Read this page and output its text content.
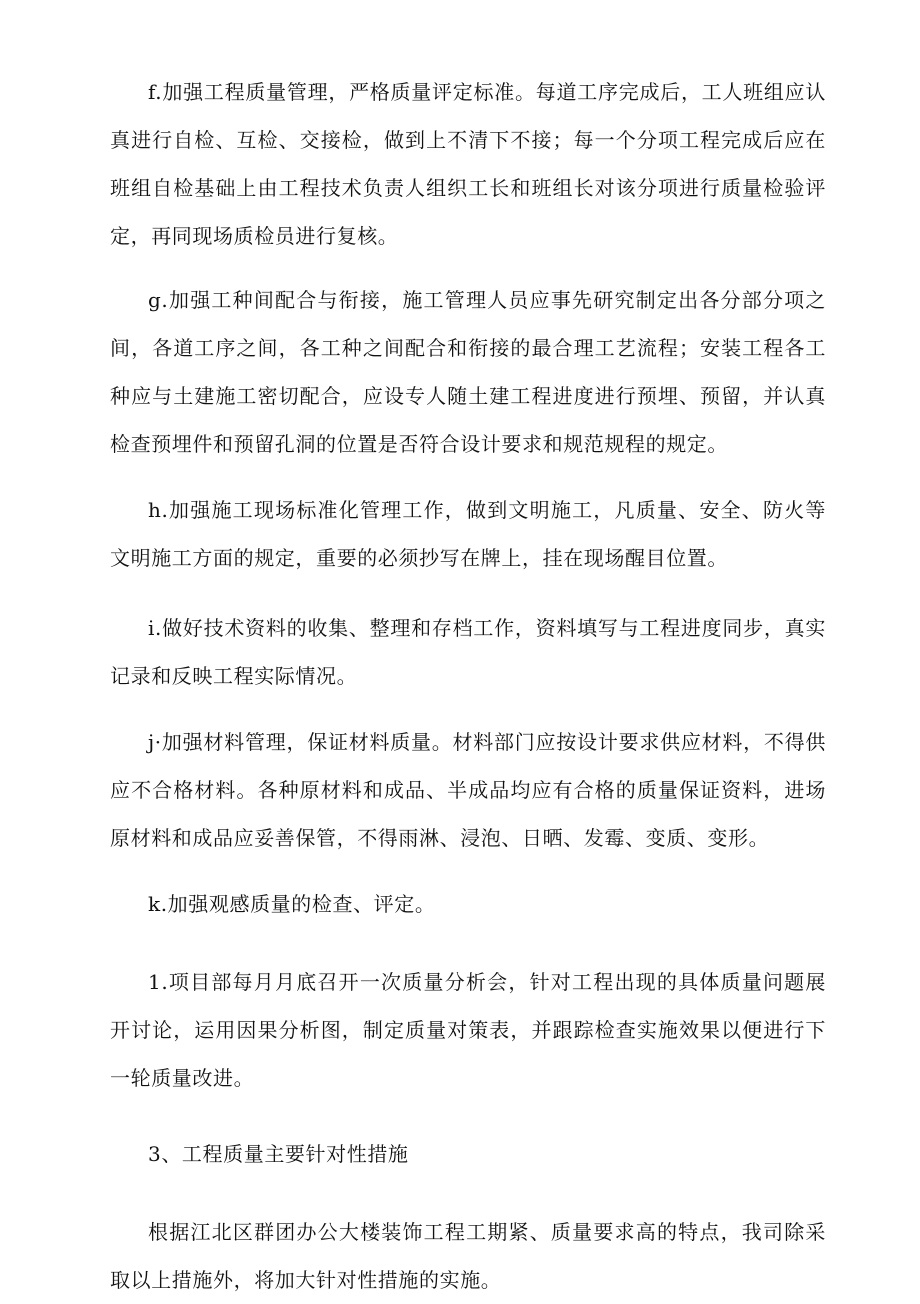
f.加强工程质量管理，严格质量评定标准。每道工序完成后，工人班组应认真进行自检、互检、交接检，做到上不清下不接；每一个分项工程完成后应在班组自检基础上由工程技术负责人组织工长和班组长对该分项进行质量检验评定，再同现场质检员进行复核。

g.加强工种间配合与衔接，施工管理人员应事先研究制定出各分部分项之间，各道工序之间，各工种之间配合和衔接的最合理工艺流程；安装工程各工种应与土建施工密切配合，应设专人随土建工程进度进行预埋、预留，并认真检查预埋件和预留孔洞的位置是否符合设计要求和规范规程的规定。

h.加强施工现场标准化管理工作，做到文明施工，凡质量、安全、防火等文明施工方面的规定，重要的必须抄写在牌上，挂在现场醒目位置。

i.做好技术资料的收集、整理和存档工作，资料填写与工程进度同步，真实记录和反映工程实际情况。

j·加强材料管理，保证材料质量。材料部门应按设计要求供应材料，不得供应不合格材料。各种原材料和成品、半成品均应有合格的质量保证资料，进场原材料和成品应妥善保管，不得雨淋、浸泡、日晒、发霉、变质、变形。

k.加强观感质量的检查、评定。

1.项目部每月月底召开一次质量分析会，针对工程出现的具体质量问题展开讨论，运用因果分析图，制定质量对策表，并跟踪检查实施效果以便进行下一轮质量改进。

3、工程质量主要针对性措施

根据江北区群团办公大楼装饰工程工期紧、质量要求高的特点，我司除采取以上措施外，将加大针对性措施的实施。
